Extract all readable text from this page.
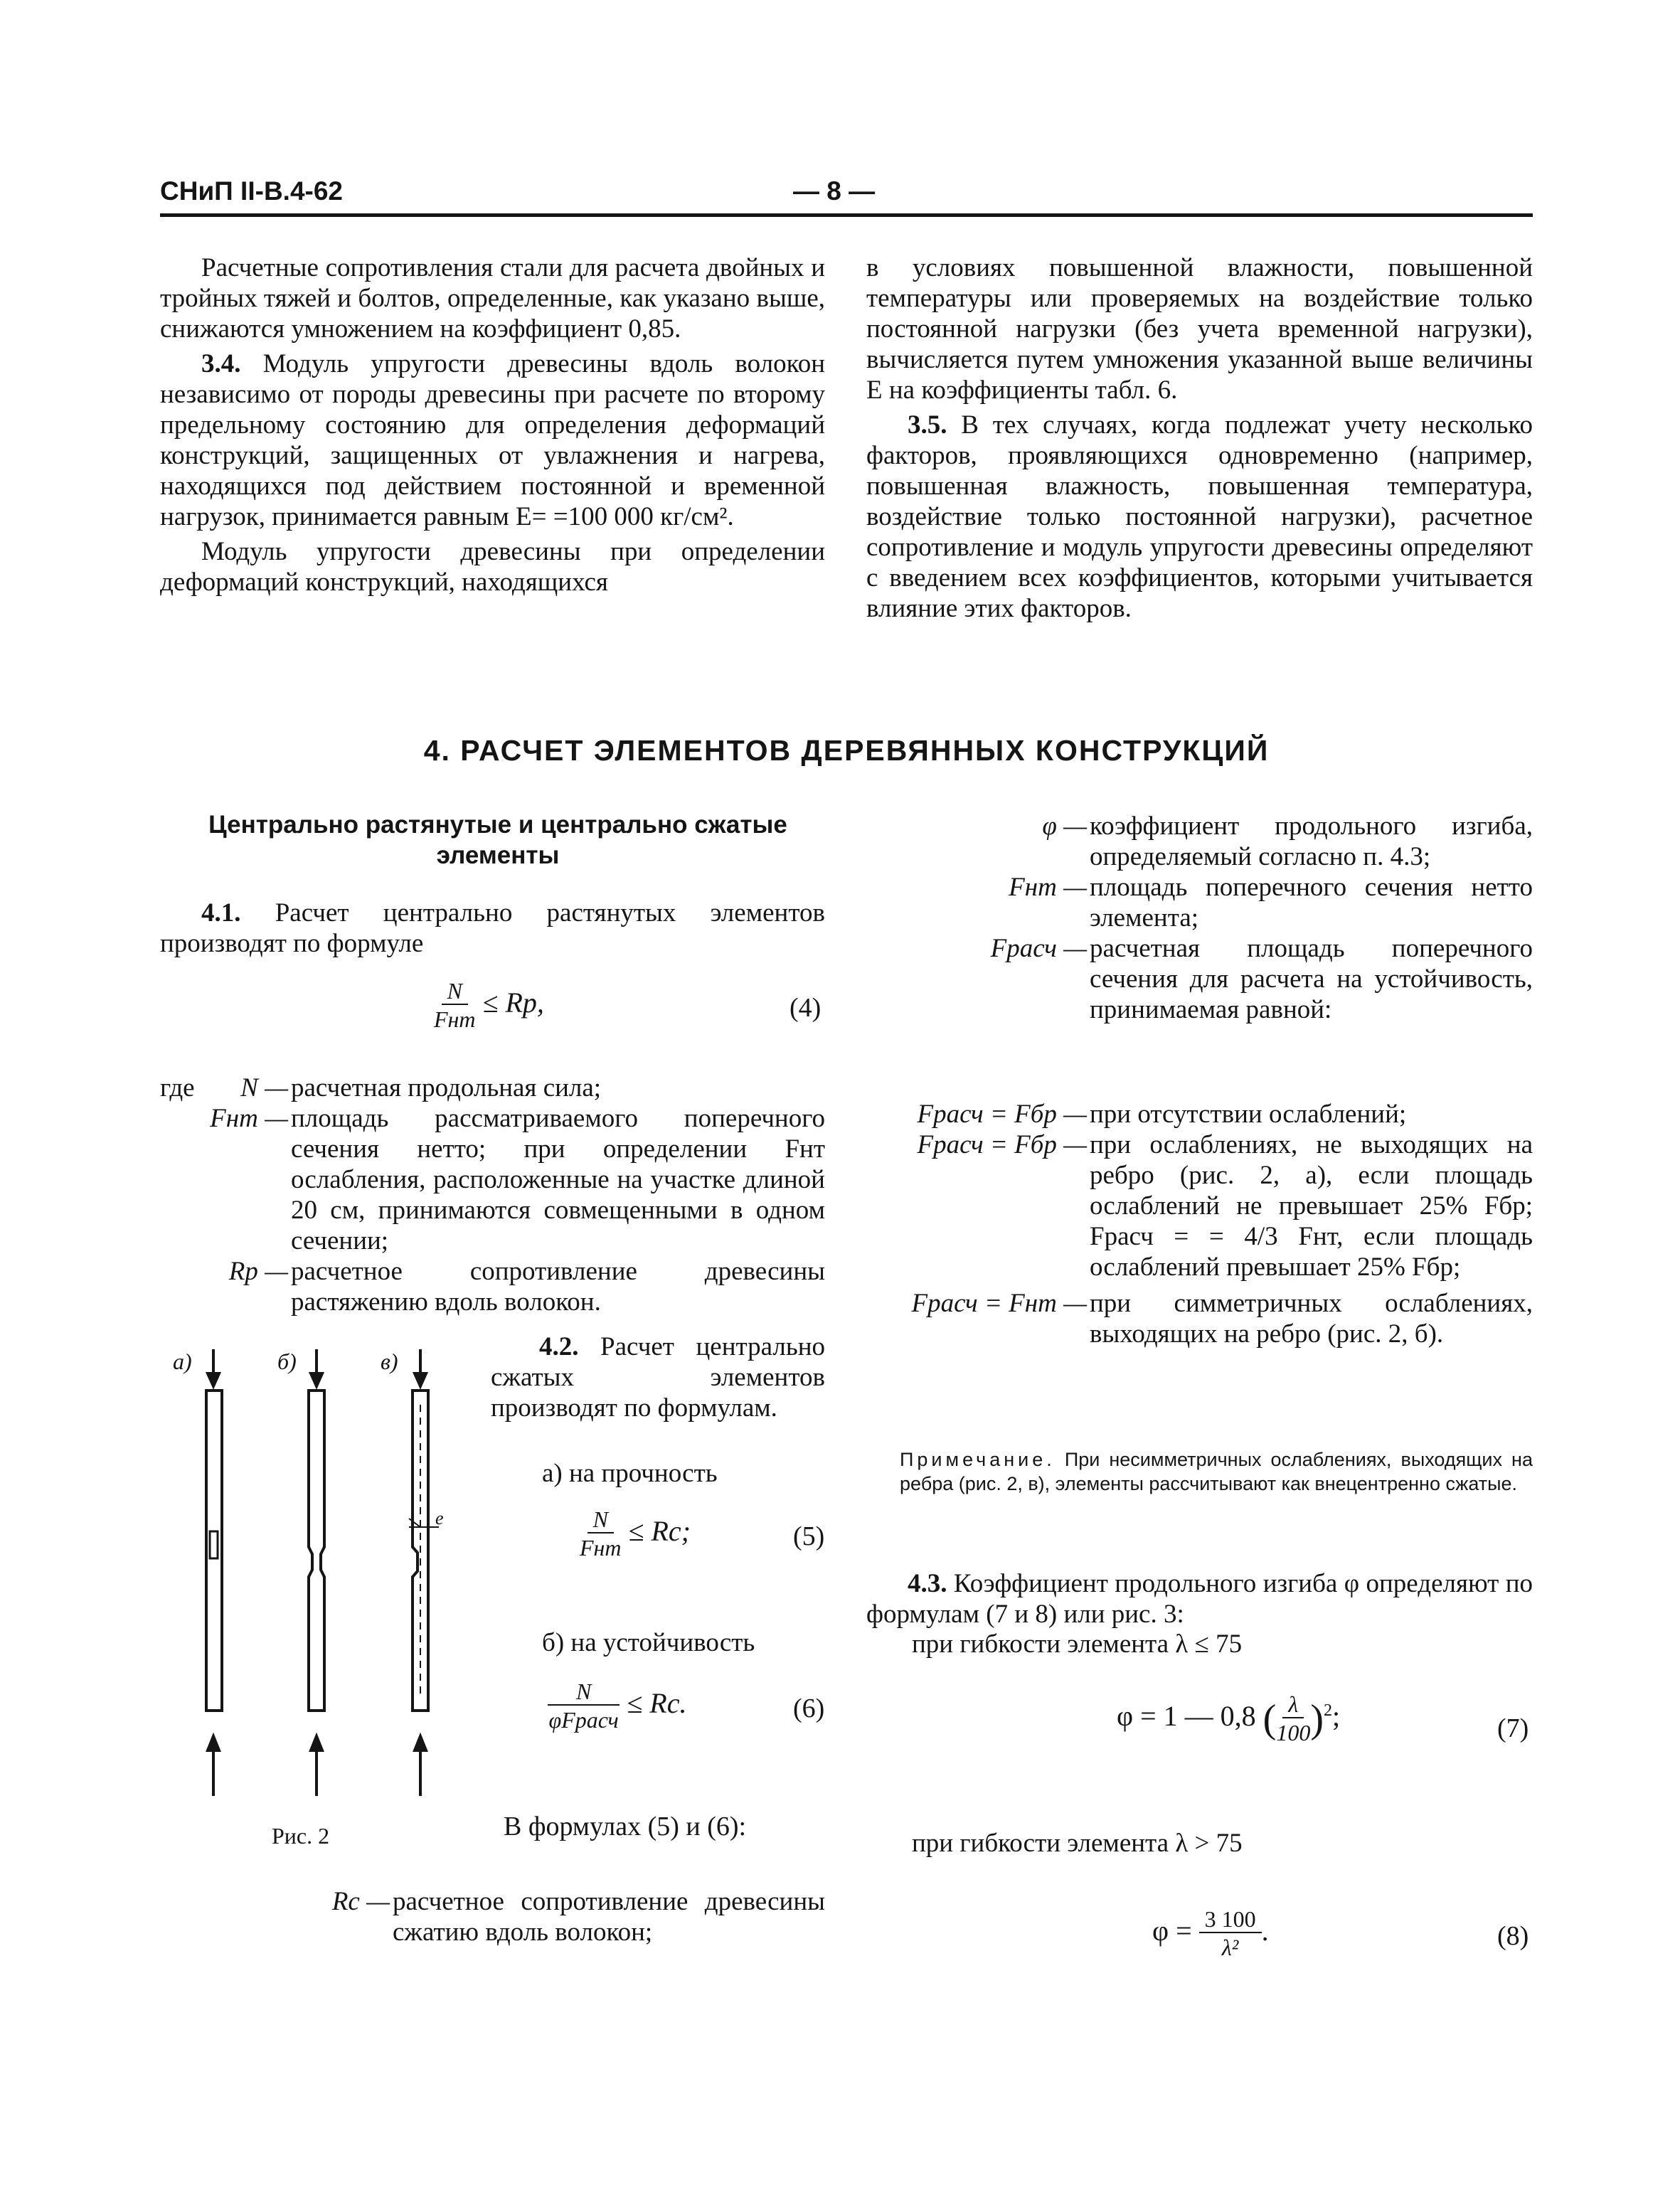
СНиП II-В.4-62	— 8 —

Расчетные сопротивления стали для расчета двойных и тройных тяжей и болтов, определенные, как указано выше, снижаются умножением на коэффициент 0,85.

3.4. Модуль упругости древесины вдоль волокон независимо от породы древесины при расчете по второму предельному состоянию для определения деформаций конструкций, защищенных от увлажнения и нагрева, находящихся под действием постоянной и временной нагрузок, принимается равным E= =100 000 кг/см².

Модуль упругости древесины при определении деформаций конструкций, находящихся

в условиях повышенной влажности, повышенной температуры или проверяемых на воздействие только постоянной нагрузки (без учета временной нагрузки), вычисляется путем умножения указанной выше величины E на коэффициенты табл. 6.

3.5. В тех случаях, когда подлежат учету несколько факторов, проявляющихся одновременно (например, повышенная влажность, повышенная температура, воздействие только постоянной нагрузки), расчетное сопротивление и модуль упругости древесины определяют с введением всех коэффициентов, которыми учитывается влияние этих факторов.

4. РАСЧЕТ ЭЛЕМЕНТОВ ДЕРЕВЯННЫХ КОНСТРУКЦИЙ
Центрально растянутые и центрально сжатые элементы

4.1. Расчет центрально растянутых элементов производят по формуле

$\frac{N}{\text{Fнт}}$ ≤ Rр,	(4)
где	N — расчетная продольная сила;
Fнт — площадь рассматриваемого поперечного сечения нетто; при определении Fнт ослабления, расположенные на участке длиной 20 см, принимаются совмещенными в одном сечении;
Rр — расчетное сопротивление древесины растяжению вдоль волокон.
а)	б)	в)
e
Рис. 2

4.2. Расчет центрально сжатых элементов производят по формулам.

а) на прочность
$\frac{N}{\text{Fнт}}$ ≤ Rс;	(5)
б) на устойчивость
$\frac{N}{\text{φFрасч}}$ ≤ Rс.	(6)

В формулах (5) и (6):

Rс — расчетное сопротивление древесины сжатию вдоль волокон;
φ — коэффициент продольного изгиба, определяемый согласно п. 4.3;
Fнт — площадь поперечного сечения нетто элемента;
Fрасч — расчетная площадь поперечного сечения для расчета на устойчивость, принимаемая равной:
Fрасч = Fбр — при отсутствии ослаблений;
Fрасч = Fбр — при ослаблениях, не выходящих на ребро (рис. 2, а), если площадь ослаблений не превышает 25% Fбр; Fрасч = = 4/3 Fнт, если площадь ослаблений превышает 25% Fбр;
Fрасч = Fнт — при симметричных ослаблениях, выходящих на ребро (рис. 2, б).
Примечание. При несимметричных ослаблениях, выходящих на ребра (рис. 2, в), элементы рассчитывают как внецентренно сжатые.

4.3. Коэффициент продольного изгиба φ определяют по формулам (7 и 8) или рис. 3:

при гибкости элемента λ ≤ 75
φ = 1 — 0,8 ( $\frac{\lambda}{100} )^2$;	(7)
при гибкости элемента λ > 75
$\varphi = \frac{3 100}{\text{λ²}}$ .	(8)
